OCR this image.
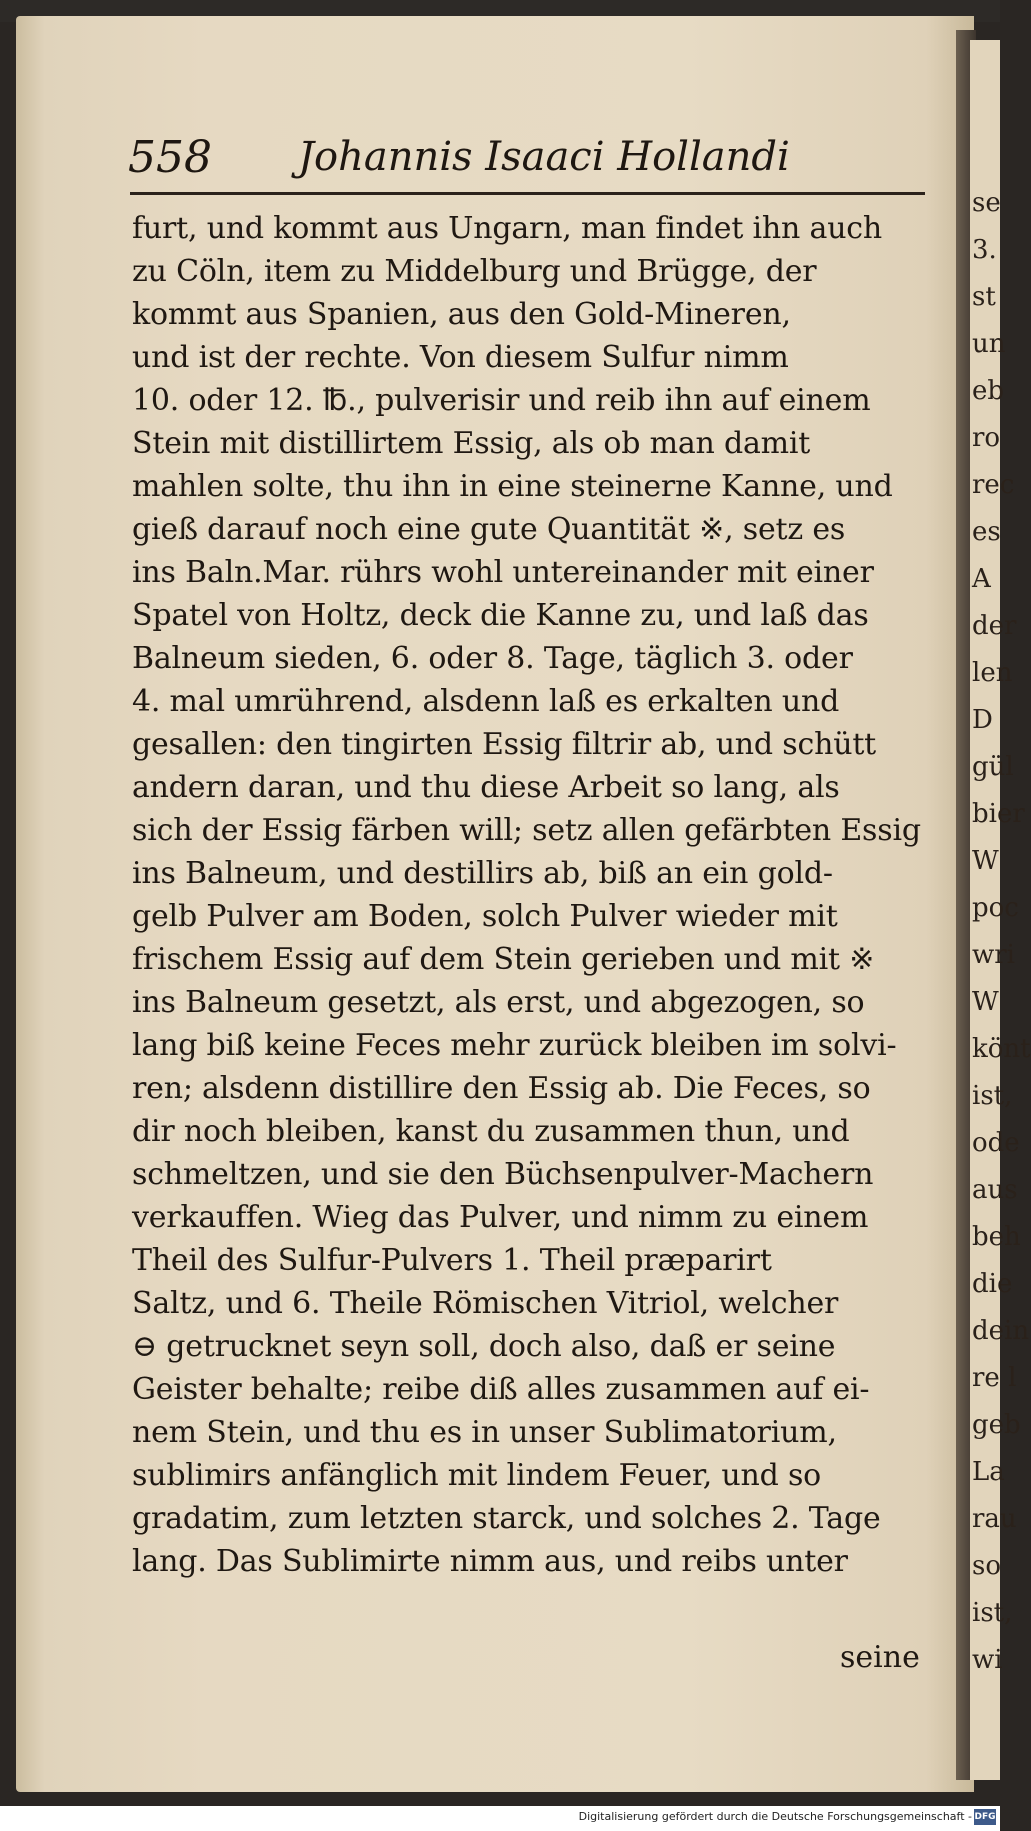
se
3.
st
un
eb
ro
rec
es
A
der
len
D
gül
bier
W
poc
wri
W
könt
ist,
ode
aus
beh
die
dein
re l
geb
La
rau
so
ist,
wi
558 Johannis Isaaci Hollandi
furt, und kommt aus Ungarn, man findet ihn auch
zu Cöln, item zu Middelburg und Brügge, der
kommt aus Spanien, aus den Gold-Mineren,
und ist der rechte. Von diesem Sulfur nimm
10. oder 12. ℔., pulverisir und reib ihn auf einem
Stein mit distillirtem Essig, als ob man damit
mahlen solte, thu ihn in eine steinerne Kanne, und
gieß darauf noch eine gute Quantität ※, setz es
ins Baln.Mar. rührs wohl untereinander mit einer
Spatel von Holtz, deck die Kanne zu, und laß das
Balneum sieden, 6. oder 8. Tage, täglich 3. oder
4. mal umrührend, alsdenn laß es erkalten und
gesallen: den tingirten Essig filtrir ab, und schütt
andern daran, und thu diese Arbeit so lang, als
sich der Essig färben will; setz allen gefärbten Essig
ins Balneum, und destillirs ab, biß an ein gold-
gelb Pulver am Boden, solch Pulver wieder mit
frischem Essig auf dem Stein gerieben und mit ※
ins Balneum gesetzt, als erst, und abgezogen, so
lang biß keine Feces mehr zurück bleiben im solvi-
ren; alsdenn distillire den Essig ab. Die Feces, so
dir noch bleiben, kanst du zusammen thun, und
schmeltzen, und sie den Büchsenpulver-Machern
verkauffen. Wieg das Pulver, und nimm zu einem
Theil des Sulfur-Pulvers 1. Theil præparirt
Saltz, und 6. Theile Römischen Vitriol, welcher
⊖ getrucknet seyn soll, doch also, daß er seine
Geister behalte; reibe diß alles zusammen auf ei-
nem Stein, und thu es in unser Sublimatorium,
sublimirs anfänglich mit lindem Feuer, und so
gradatim, zum letzten starck, und solches 2. Tage
lang. Das Sublimirte nimm aus, und reibs unter
seine
Digitalisierung gefördert durch die Deutsche Forschungsgemeinschaft - DFG
